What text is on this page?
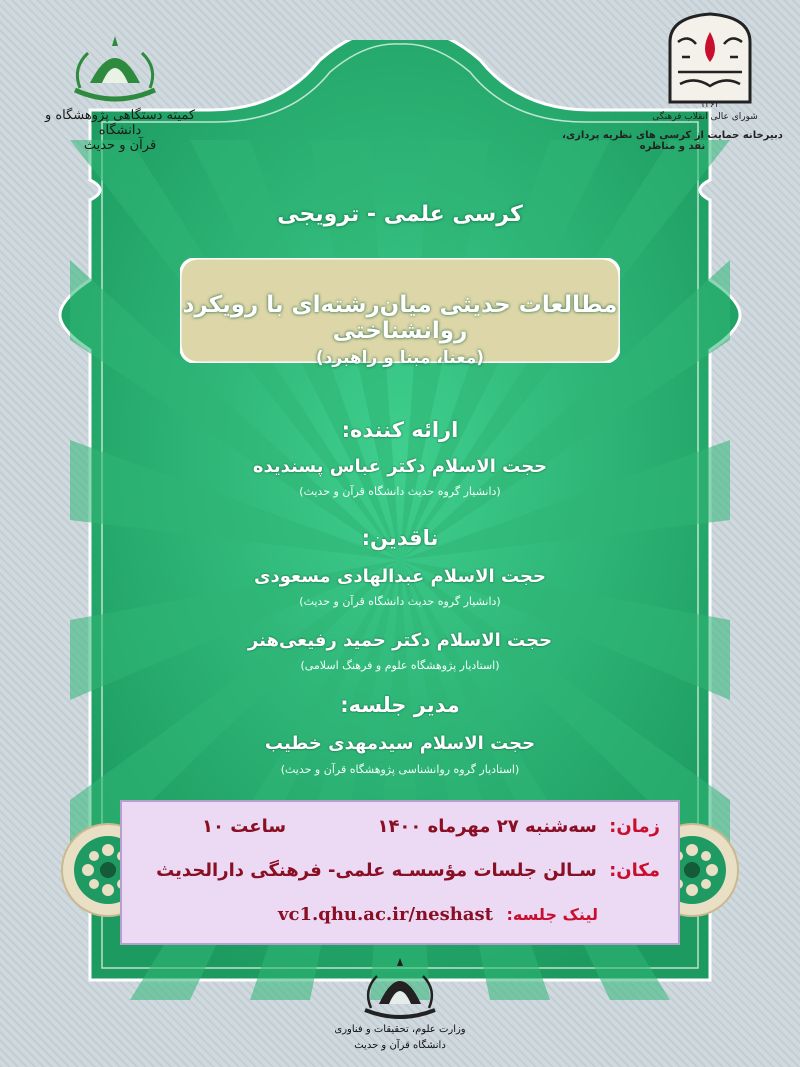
کمیته دستگاهی پژوهشگاه و دانشگاه
قرآن و حدیث
۱۳۶۳
شورای عالی انقلاب فرهنگی
دبیرخانه حمایت از کرسی های نظریه پردازی، نقد و مناظره
کرسی علمی - ترویجی
مطالعات حدیثی میان‌رشته‌ای با رویکرد روانشناختی
(معنا، مبنا و راهبرد)
ارائه کننده:
حجت الاسلام دکتر عباس پسندیده
(دانشیار گروه حدیث دانشگاه قرآن و حدیث)
ناقدین:
حجت الاسلام عبدالهادی مسعودی
(دانشیار گروه حدیث دانشگاه قرآن و حدیث)
حجت الاسلام دکتر حمید رفیعی‌هنر
(استادیار پژوهشگاه علوم و فرهنگ اسلامی)
مدیر جلسه:
حجت الاسلام سیدمهدی خطیب
(استادیار گروه روانشناسی پژوهشگاه قرآن و حدیث)
زمان: سه‌شنبه ۲۷ مهرماه ۱۴۰۰
ساعت ۱۰
مکان: سـالن جلسات مؤسسـه علمی- فرهنگی دارالحدیث
لینک جلسه: vc1.qhu.ac.ir/neshast
وزارت علوم، تحقیقات و فناوری
دانشگاه قرآن و حدیث
